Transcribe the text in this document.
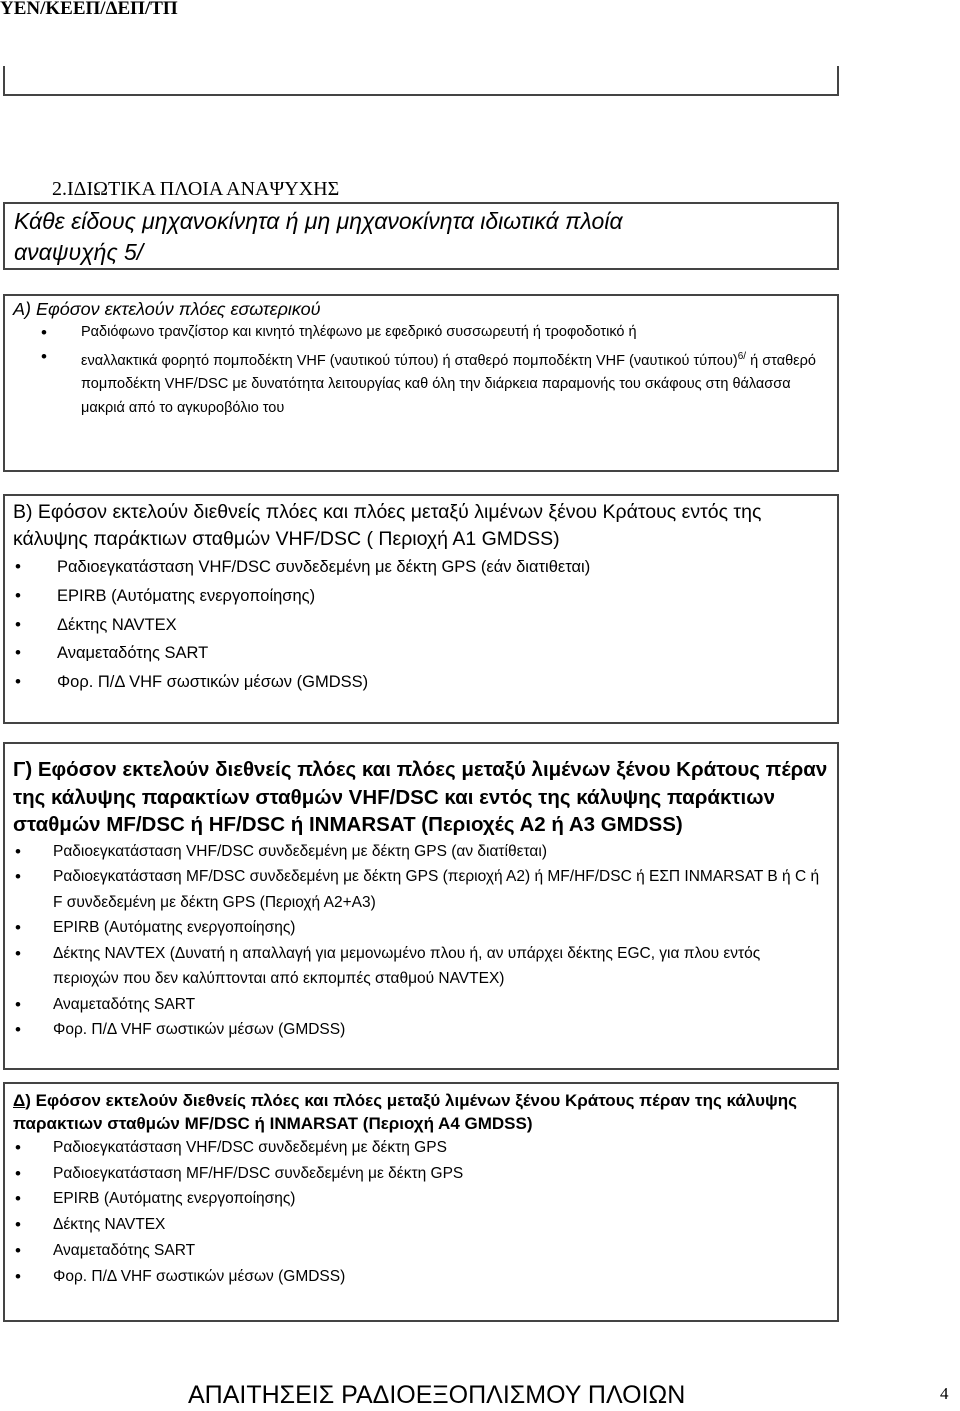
ΥΕΝ/ΚΕΕΠ/ΔΕΠ/ΤΠ
2.ΙΔΙΩΤΙΚΑ ΠΛΟΙΑ ΑΝΑΨΥΧΗΣ
Κάθε είδους μηχανοκίνητα ή μη μηχανοκίνητα ιδιωτικά πλοία
αναψυχής 5/
Α) Εφόσον εκτελούν πλόες εσωτερικού
• Ραδιόφωνο τρανζίστορ και κινητό τηλέφωνο με εφεδρικό συσσωρευτή ή τροφοδοτικό ή
• εναλλακτικά φορητό πομποδέκτη VHF (ναυτικού τύπου) ή σταθερό πομποδέκτη VHF (ναυτικού τύπου)$^{6/}$ ή σταθερό πομποδέκτη VHF/DSC με δυνατότητα λειτουργίας καθ όλη την διάρκεια παραμονής του σκάφους στη θάλασσα μακριά από το αγκυροβόλιο του
Β) Εφόσον εκτελούν διεθνείς πλόες και πλόες μεταξύ λιμένων ξένου Κράτους εντός της κάλυψης παράκτιων σταθμών VHF/DSC ( Περιοχή Α1 GMDSS)
• Ραδιοεγκατάσταση VHF/DSC συνδεδεμένη με δέκτη GPS (εάν διατιθεται)
• EPIRB (Αυτόματης ενεργοποίησης)
• Δέκτης NAVTEX
• Αναμεταδότης SART
• Φορ. Π/Δ VHF σωστικών μέσων (GMDSS)
Γ) Εφόσον εκτελούν διεθνείς πλόες και πλόες μεταξύ λιμένων ξένου Κράτους πέραν της κάλυψης παρακτίων σταθμών VHF/DSC και εντός της κάλυψης παράκτιων σταθμών MF/DSC ή HF/DSC ή INMARSAT (Περιοχές Α2 ή Α3 GMDSS)
• Ραδιοεγκατάσταση VHF/DSC συνδεδεμένη με δέκτη GPS (αν διατίθεται)
• Ραδιοεγκατάσταση MF/DSC συνδεδεμένη με δέκτη GPS (περιοχή Α2) ή MF/HF/DSC ή ΕΣΠ INMARSAT B ή C ή F συνδεδεμένη με δέκτη GPS (Περιοχή Α2+Α3)
• EPIRB (Αυτόματης ενεργοποίησης)
• Δέκτης NAVTEX (Δυνατή η απαλλαγή για μεμονωμένο πλου ή, αν υπάρχει δέκτης EGC, για πλου εντός περιοχών που δεν καλύπτονται από εκπομπές σταθμού NAVTEX)
• Αναμεταδότης SART
• Φορ. Π/Δ VHF σωστικών μέσων (GMDSS)
Δ) Εφόσον εκτελούν διεθνείς πλόες και πλόες μεταξύ λιμένων ξένου Κράτους πέραν της κάλυψης παρακτιων σταθμών MF/DSC ή INMARSAT (Περιοχή Α4 GMDSS)
• Ραδιοεγκατάσταση VHF/DSC συνδεδεμένη με δέκτη GPS
• Ραδιοεγκατάσταση MF/HF/DSC συνδεδεμένη με δέκτη GPS
• EPIRB (Αυτόματης ενεργοποίησης)
• Δέκτης NAVTEX
• Αναμεταδότης SART
• Φορ. Π/Δ VHF σωστικών μέσων (GMDSS)
ΑΠΑΙΤΗΣΕΙΣ ΡΑΔΙΟΕΞΟΠΛΙΣΜΟΥ ΠΛΟΙΩΝ	4
